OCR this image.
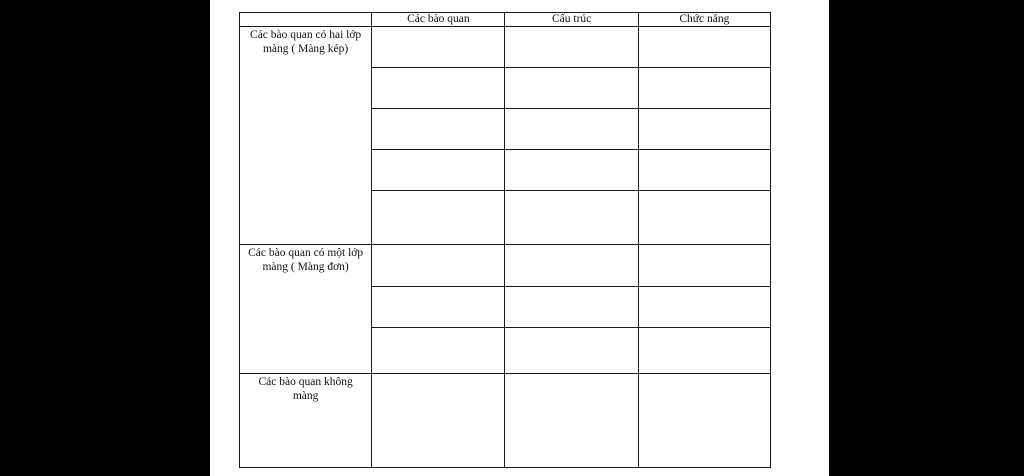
	Các bào quan	Cấu trúc	Chức năng
Các bào quan có hai lớp màng ( Màng kép)			

Các bào quan có một lớp màng ( Màng đơn)			

Các bào quan không màng			
